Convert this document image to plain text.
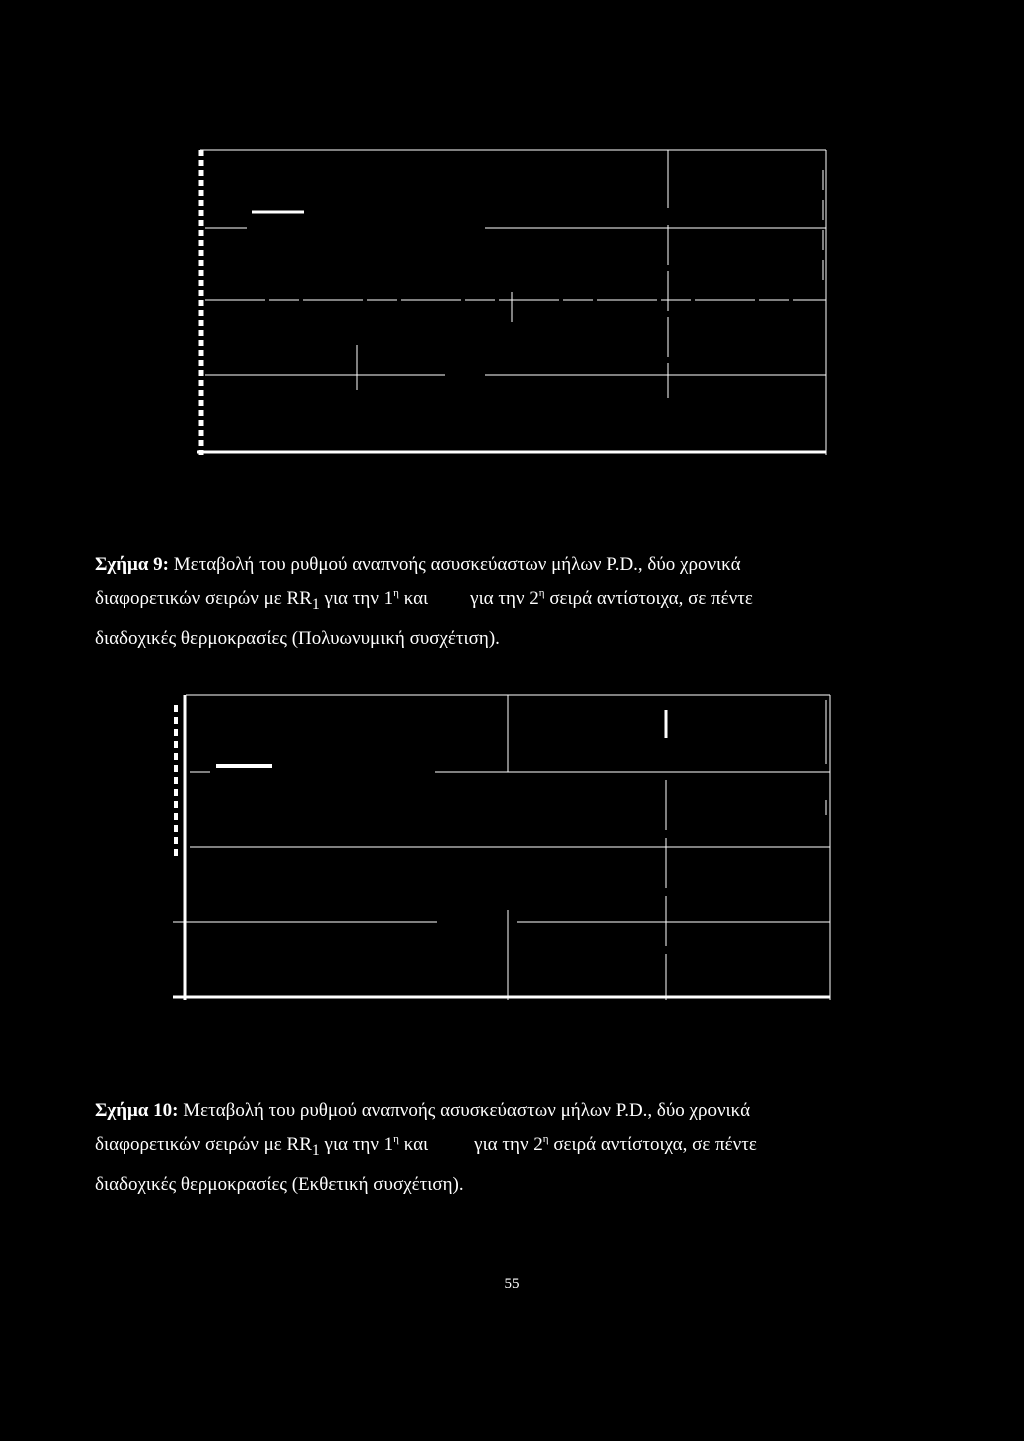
Σχήμα 9: Μεταβολή του ρυθμού αναπνοής ασυσκεύαστων μήλων P.D., δύο χρονικά
διαφορετικών σειρών με $RR_1$ για την $1^\eta$ και για την $2^\eta$ σειρά αντίστοιχα, σε πέντε
διαδοχικές θερμοκρασίες (Πολυωνυμική συσχέτιση).
Σχήμα 10: Μεταβολή του ρυθμού αναπνοής ασυσκεύαστων μήλων P.D., δύο χρονικά
διαφορετικών σειρών με $RR_1$ για την $1^\eta$ και για την $2^\eta$ σειρά αντίστοιχα, σε πέντε
διαδοχικές θερμοκρασίες (Εκθετική συσχέτιση).
55
